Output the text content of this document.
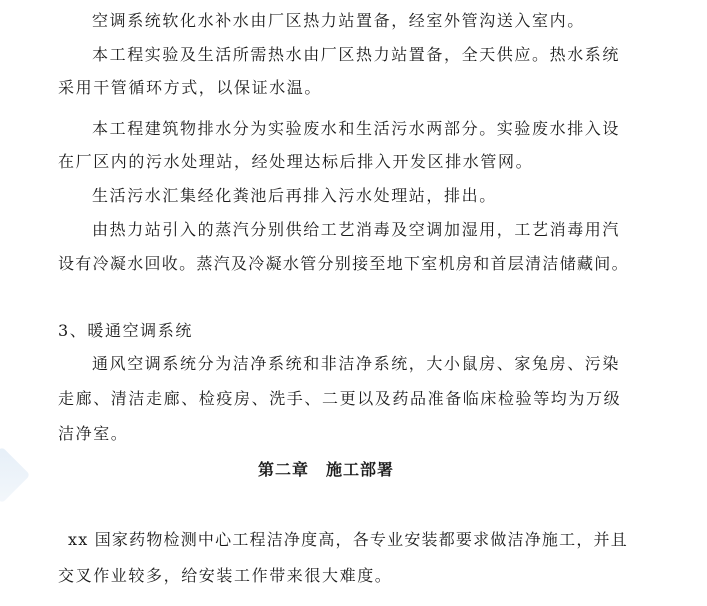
空调系统软化水补水由厂区热力站置备，经室外管沟送入室内。
本工程实验及生活所需热水由厂区热力站置备，全天供应。热水系统
采用干管循环方式，以保证水温。
本工程建筑物排水分为实验废水和生活污水两部分。实验废水排入设
在厂区内的污水处理站，经处理达标后排入开发区排水管网。
生活污水汇集经化粪池后再排入污水处理站，排出。
由热力站引入的蒸汽分别供给工艺消毒及空调加湿用，工艺消毒用汽
设有冷凝水回收。蒸汽及冷凝水管分别接至地下室机房和首层清洁储藏间。
3、暖通空调系统
通风空调系统分为洁净系统和非洁净系统，大小鼠房、家兔房、污染
走廊、清洁走廊、检疫房、洗手、二更以及药品准备临床检验等均为万级
洁净室。
第二章　施工部署
xx 国家药物检测中心工程洁净度高，各专业安装都要求做洁净施工，并且
交叉作业较多，给安装工作带来很大难度。
